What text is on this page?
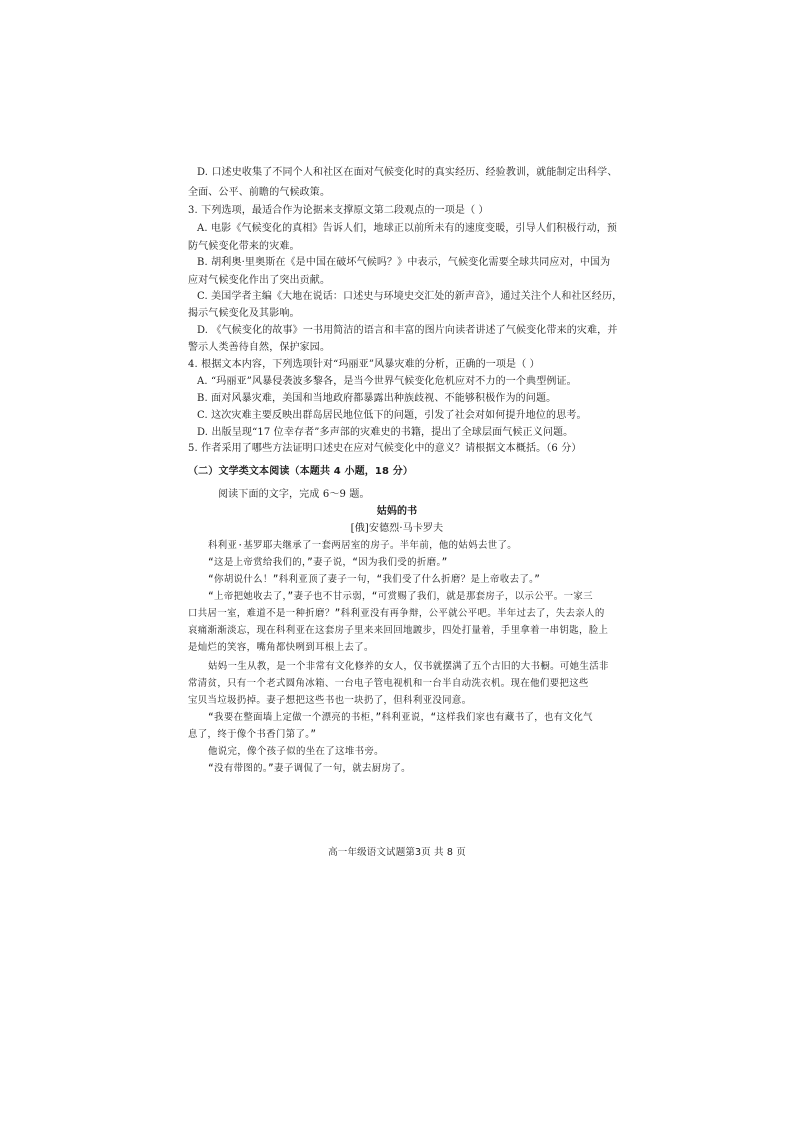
D. 口述史收集了不同个人和社区在面对气候变化时的真实经历、经验教训，就能制定出科学、
全面、公平、前瞻的气候政策。
3. 下列选项，最适合作为论据来支撑原文第二段观点的一项是（ ）
A. 电影《气候变化的真相》告诉人们，地球正以前所未有的速度变暖，引导人们积极行动，预
防气候变化带来的灾难。
B. 胡利奥·里奥斯在《是中国在破坏气候吗？》中表示，气候变化需要全球共同应对，中国为
应对气候变化作出了突出贡献。
C. 美国学者主编《大地在说话：口述史与环境史交汇处的新声音》，通过关注个人和社区经历，
揭示气候变化及其影响。
D. 《气候变化的故事》一书用简洁的语言和丰富的图片向读者讲述了气候变化带来的灾难，并
警示人类善待自然，保护家园。
4. 根据文本内容，下列选项针对“玛丽亚”风暴灾难的分析，正确的一项是（ ）
A. “玛丽亚”风暴侵袭波多黎各，是当今世界气候变化危机应对不力的一个典型例证。
B. 面对风暴灾难，美国和当地政府都暴露出种族歧视、不能够积极作为的问题。
C. 这次灾难主要反映出群岛居民地位低下的问题，引发了社会对如何提升地位的思考。
D. 出版呈现“17 位幸存者”多声部的灾难史的书籍，提出了全球层面气候正义问题。
5. 作者采用了哪些方法证明口述史在应对气候变化中的意义？请根据文本概括。（6 分）
（二）文学类文本阅读（本题共 4 小题，18 分）
阅读下面的文字，完成 6～9 题。
姑妈的书
[俄]安德烈·马卡罗夫
科利亚·基罗耶夫继承了一套两居室的房子。半年前，他的姑妈去世了。
“这是上帝赏给我们的，”妻子说，“因为我们受的折磨。”
“你胡说什么！”科利亚顶了妻子一句，“我们受了什么折磨？是上帝收去了。”
“上帝把她收去了，”妻子也不甘示弱，“可赏赐了我们，就是那套房子，以示公平。一家三
口共居一室，难道不是一种折磨？”科利亚没有再争辩，公平就公平吧。半年过去了，失去亲人的
哀痛渐渐淡忘，现在科利亚在这套房子里来来回回地踱步，四处打量着，手里拿着一串钥匙，脸上
是灿烂的笑容，嘴角都快咧到耳根上去了。
姑妈一生从教，是一个非常有文化修养的女人，仅书就摆满了五个古旧的大书橱。可她生活非
常清贫，只有一个老式圆角冰箱、一台电子管电视机和一台半自动洗衣机。现在他们要把这些
宝贝当垃圾扔掉。妻子想把这些书也一块扔了，但科利亚没同意。
“我要在整面墙上定做一个漂亮的书柜，”科利亚说，“这样我们家也有藏书了，也有文化气
息了，终于像个书香门第了。”
他说完，像个孩子似的坐在了这堆书旁。
“没有带图的。”妻子调侃了一句，就去厨房了。
高一年级语文试题第3页 共 8 页
